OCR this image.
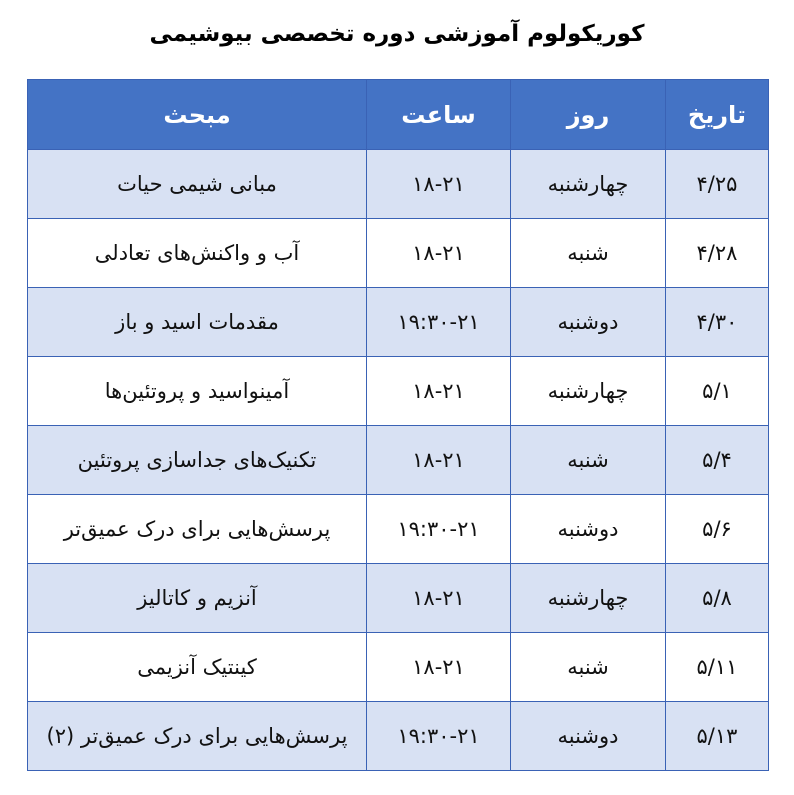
کوریکولوم آموزشی دوره تخصصی بیوشیمی
تاریخ	روز	ساعت	مبحث
۴/۲۵	چهارشنبه	۱۸-۲۱	مبانی شیمی حیات
۴/۲۸	شنبه	۱۸-۲۱	آب و واکنش‌های تعادلی
۴/۳۰	دوشنبه	۱۹:۳۰-۲۱	مقدمات اسید و باز
۵/۱	چهارشنبه	۱۸-۲۱	آمینواسید و پروتئین‌ها
۵/۴	شنبه	۱۸-۲۱	تکنیک‌های جداسازی پروتئین
۵/۶	دوشنبه	۱۹:۳۰-۲۱	پرسش‌هایی برای درک عمیق‌تر
۵/۸	چهارشنبه	۱۸-۲۱	آنزیم و کاتالیز
۵/۱۱	شنبه	۱۸-۲۱	کینتیک آنزیمی
۵/۱۳	دوشنبه	۱۹:۳۰-۲۱	پرسش‌هایی برای درک عمیق‌تر (۲)
